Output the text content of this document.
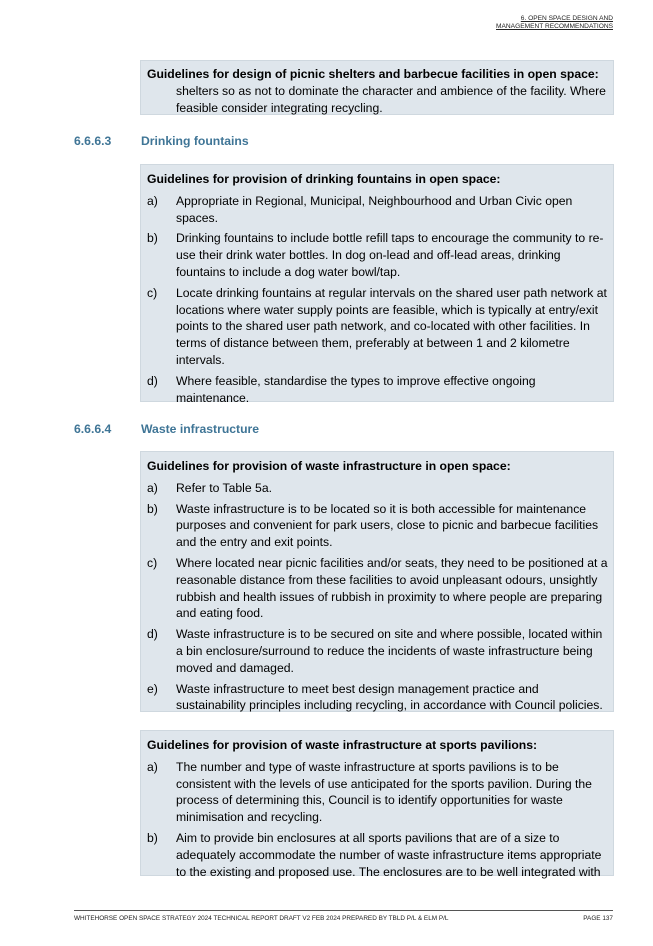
6. OPEN SPACE DESIGN AND
MANAGEMENT RECOMMENDATIONS
Guidelines for design of picnic shelters and barbecue facilities in open space:
shelters so as not to dominate the character and ambience of the facility. Where feasible consider integrating recycling.
6.6.6.3 Drinking fountains
Guidelines for provision of drinking fountains in open space:
a) Appropriate in Regional, Municipal, Neighbourhood and Urban Civic open spaces.
b) Drinking fountains to include bottle refill taps to encourage the community to re-use their drink water bottles. In dog on-lead and off-lead areas, drinking fountains to include a dog water bowl/tap.
c) Locate drinking fountains at regular intervals on the shared user path network at locations where water supply points are feasible, which is typically at entry/exit points to the shared user path network, and co-located with other facilities. In terms of distance between them, preferably at between 1 and 2 kilometre intervals.
d) Where feasible, standardise the types to improve effective ongoing maintenance.
6.6.6.4 Waste infrastructure
Guidelines for provision of waste infrastructure in open space:
a) Refer to Table 5a.
b) Waste infrastructure is to be located so it is both accessible for maintenance purposes and convenient for park users, close to picnic and barbecue facilities and the entry and exit points.
c) Where located near picnic facilities and/or seats, they need to be positioned at a reasonable distance from these facilities to avoid unpleasant odours, unsightly rubbish and health issues of rubbish in proximity to where people are preparing and eating food.
d) Waste infrastructure is to be secured on site and where possible, located within a bin enclosure/surround to reduce the incidents of waste infrastructure being moved and damaged.
e) Waste infrastructure to meet best design management practice and sustainability principles including recycling, in accordance with Council policies.
Guidelines for provision of waste infrastructure at sports pavilions:
a) The number and type of waste infrastructure at sports pavilions is to be consistent with the levels of use anticipated for the sports pavilion. During the process of determining this, Council is to identify opportunities for waste minimisation and recycling.
b) Aim to provide bin enclosures at all sports pavilions that are of a size to adequately accommodate the number of waste infrastructure items appropriate to the existing and proposed use. The enclosures are to be well integrated with
WHITEHORSE OPEN SPACE STRATEGY 2024 TECHNICAL REPORT DRAFT V2 FEB 2024 PREPARED BY TBLD P/L & ELM P/L	PAGE 137
